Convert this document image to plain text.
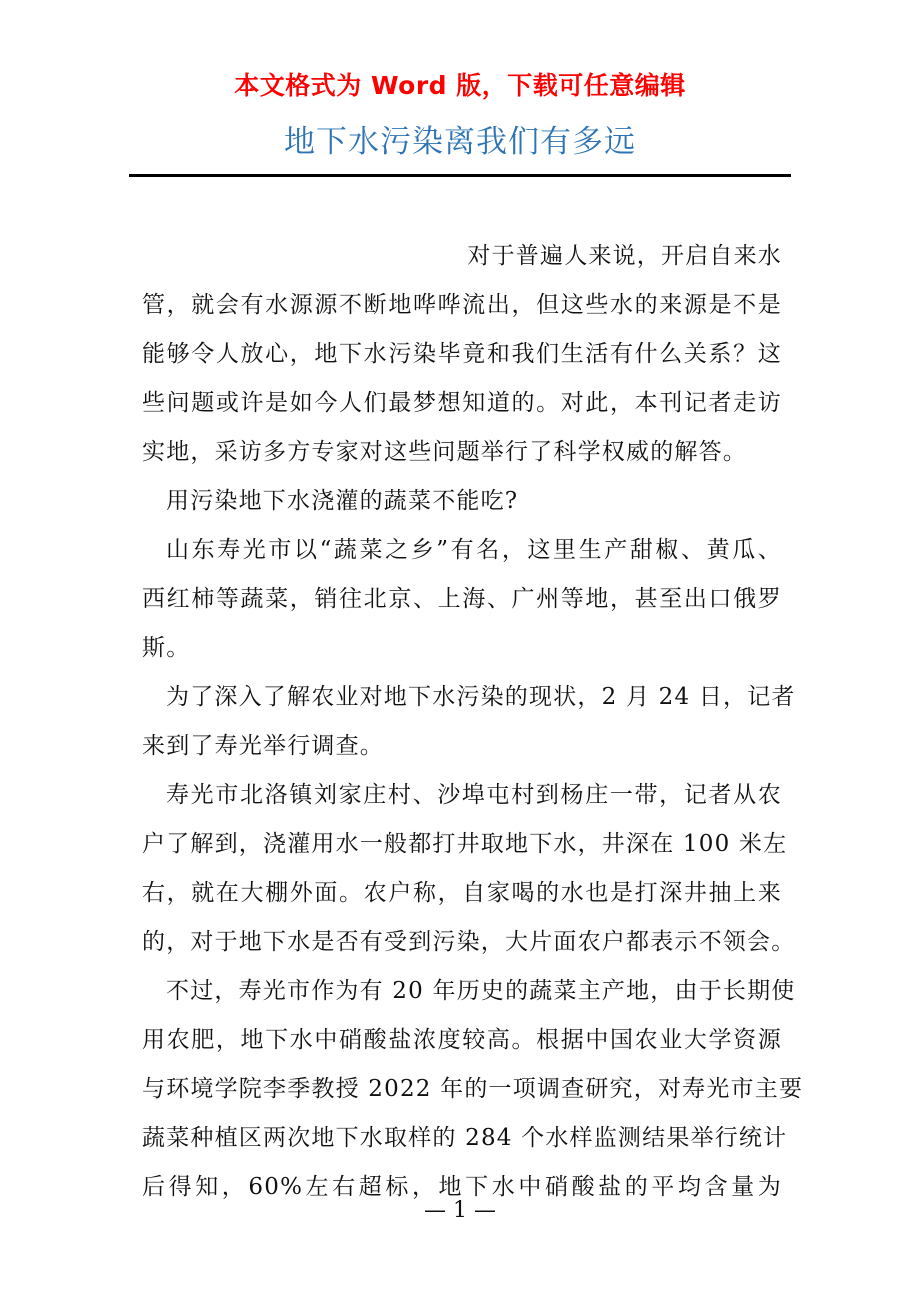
本文格式为 Word 版，下载可任意编辑
地下水污染离我们有多远
对于普遍人来说，开启自来水
管，就会有水源源不断地哗哗流出，但这些水的来源是不是
能够令人放心，地下水污染毕竟和我们生活有什么关系？这
些问题或许是如今人们最梦想知道的。对此，本刊记者走访
实地，采访多方专家对这些问题举行了科学权威的解答。
用污染地下水浇灌的蔬菜不能吃?
山东寿光市以“蔬菜之乡”有名，这里生产甜椒、黄瓜、
西红柿等蔬菜，销往北京、上海、广州等地，甚至出口俄罗
斯。
为了深入了解农业对地下水污染的现状，2 月 24 日，记者
来到了寿光举行调查。
寿光市北洛镇刘家庄村、沙埠屯村到杨庄一带，记者从农
户了解到，浇灌用水一般都打井取地下水，井深在 100 米左
右，就在大棚外面。农户称，自家喝的水也是打深井抽上来
的，对于地下水是否有受到污染，大片面农户都表示不领会。
不过，寿光市作为有 20 年历史的蔬菜主产地，由于长期使
用农肥，地下水中硝酸盐浓度较高。根据中国农业大学资源
与环境学院李季教授 2022 年的一项调查研究，对寿光市主要
蔬菜种植区两次地下水取样的 284 个水样监测结果举行统计
后得知，60%左右超标，地下水中硝酸盐的平均含量为
— 1 —
